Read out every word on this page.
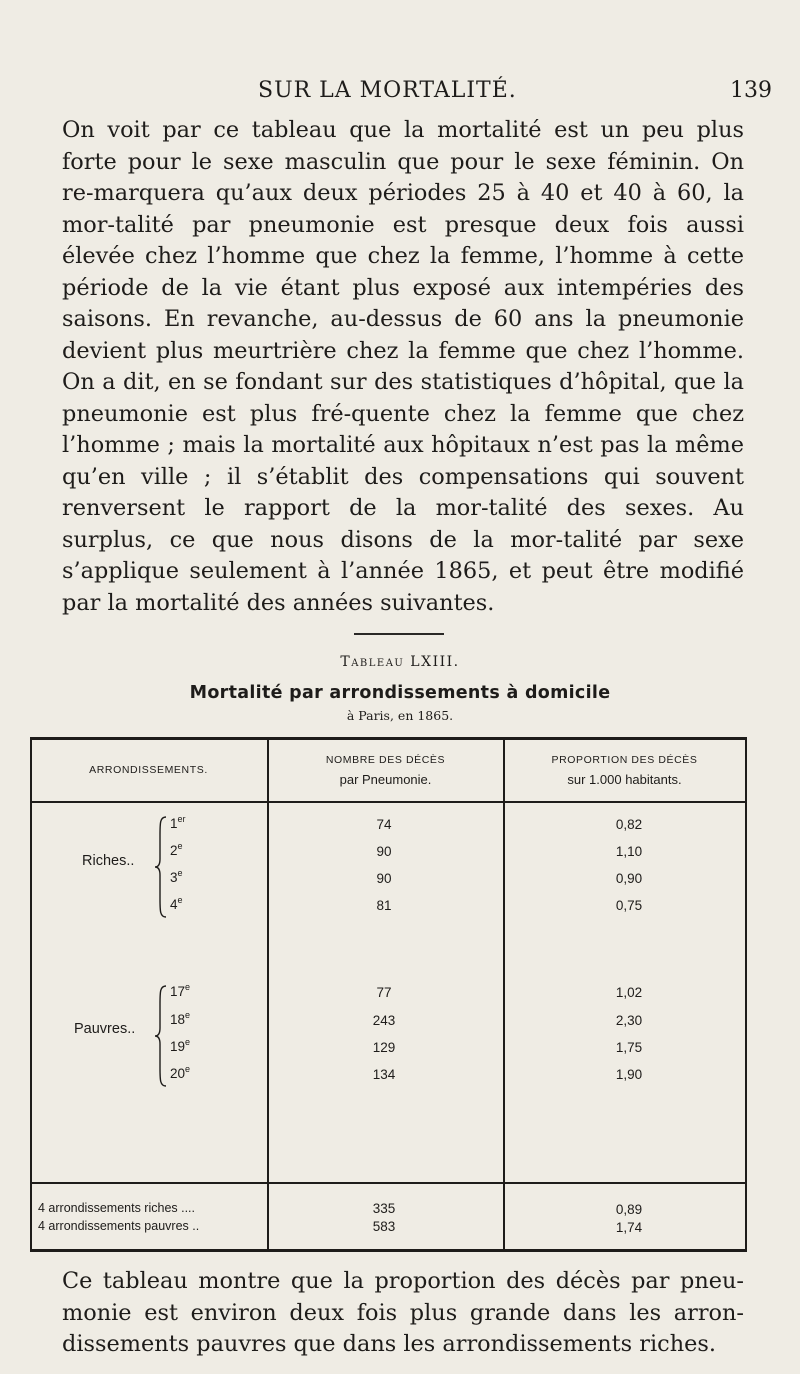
SUR LA MORTALITÉ.	139

On voit par ce tableau que la mortalité est un peu plus forte pour le sexe masculin que pour le sexe féminin. On re-marquera qu’aux deux périodes 25 à 40 et 40 à 60, la mor-talité par pneumonie est presque deux fois aussi élevée chez l’homme que chez la femme, l’homme à cette période de la vie étant plus exposé aux intempéries des saisons. En revanche, au-dessus de 60 ans la pneumonie devient plus meurtrière chez la femme que chez l’homme. On a dit, en se fondant sur des statistiques d’hôpital, que la pneumonie est plus fré-quente chez la femme que chez l’homme ; mais la mortalité aux hôpitaux n’est pas la même qu’en ville ; il s’établit des compensations qui souvent renversent le rapport de la mor-talité des sexes. Au surplus, ce que nous disons de la mor-talité par sexe s’applique seulement à l’année 1865, et peut être modifié par la mortalité des années suivantes.

Tableau LXIII.
Mortalité par arrondissements à domicile
à Paris, en 1865.
ARRONDISSEMENTS.
NOMBRE DES DÉCÈS
par Pneumonie.
PROPORTION DES DÉCÈS
sur 1.000 habitants.
Riches..
Pauvres..
1er	74	0,82
2e	90	1,10
3e	90	0,90
4e	81	0,75
17e	77	1,02
18e	243	2,30
19e	129	1,75
20e	134	1,90
4 arrondissements riches ....	335	0,89
4 arrondissements pauvres ..	583	1,74

Ce tableau montre que la proportion des décès par pneu-monie est environ deux fois plus grande dans les arron-dissements pauvres que dans les arrondissements riches.
